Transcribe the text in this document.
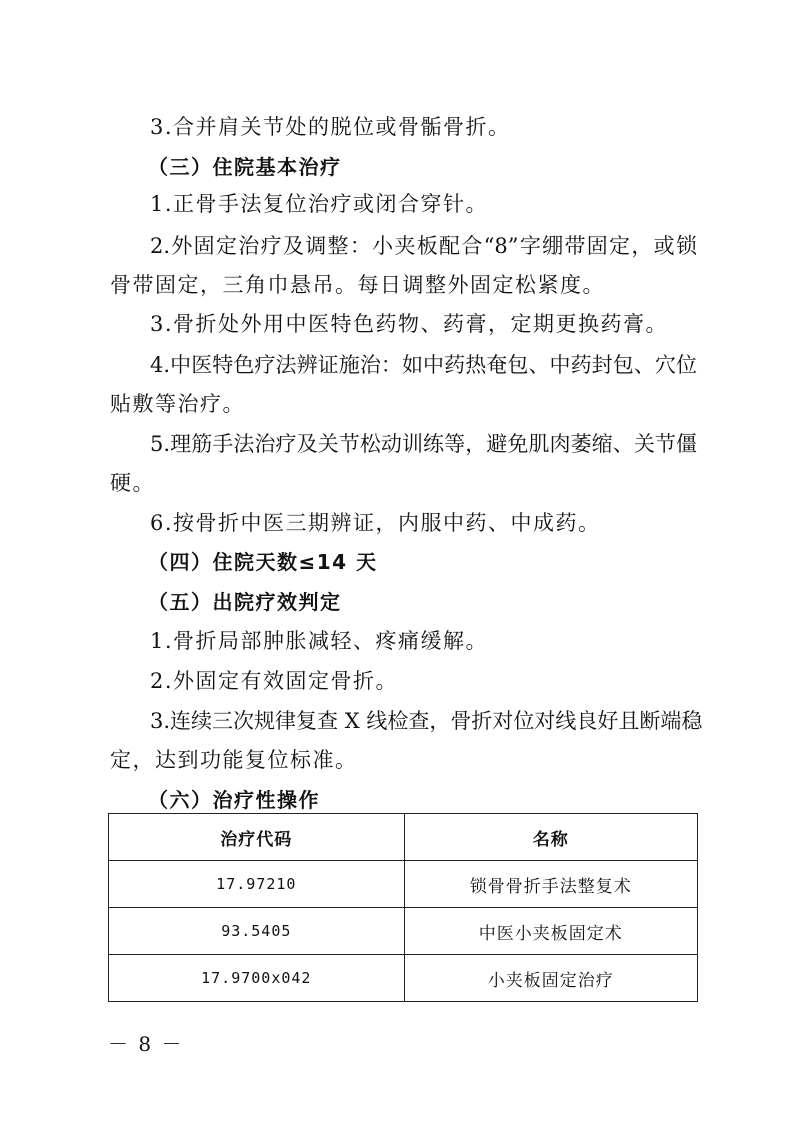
3.合并肩关节处的脱位或骨骺骨折。
（三）住院基本治疗
1.正骨手法复位治疗或闭合穿针。
2.外固定治疗及调整：小夹板配合“8”字绷带固定，或锁
骨带固定，三角巾悬吊。每日调整外固定松紧度。
3.骨折处外用中医特色药物、药膏，定期更换药膏。
4.中医特色疗法辨证施治：如中药热奄包、中药封包、穴位
贴敷等治疗。
5.理筋手法治疗及关节松动训练等，避免肌肉萎缩、关节僵
硬。
6.按骨折中医三期辨证，内服中药、中成药。
（四）住院天数≤14 天
（五）出院疗效判定
1.骨折局部肿胀减轻、疼痛缓解。
2.外固定有效固定骨折。
3.连续三次规律复查 X 线检查，骨折对位对线良好且断端稳
定，达到功能复位标准。
（六）治疗性操作
治疗代码	名称
17.97210	锁骨骨折手法整复术
93.5405	中医小夹板固定术
17.9700x042	小夹板固定治疗
－ 8 －
